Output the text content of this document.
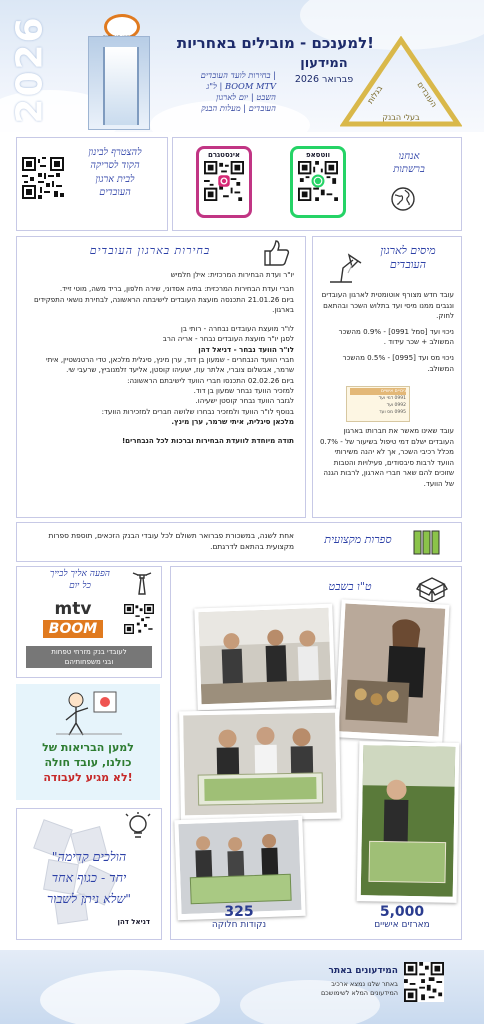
2026	למענכם - מובילים באחריות!
בחירות לועד העובדים |
ל"ג | BOOM MTV
השבט | יום לארגון
העובדים | מעלות הבנק
המידעון
פברואר 2026
העובדים
בגלות
בעלי הבנק
להצטרף לבינון
הקוד לסריקה
לבית ארגון
העובדים
אינסטגרם	ווטסאפ	אנחנו
ברשתות
בחירות בארגון העובדים
יו"ר ועדת הבחירות המרכזית: אילן חלמיש
חברי ועדת הבחירות המרכזית: בתיה אסדוני, שירה חלפון, בריד משה, מוטי זייד.
ביום 21.01.26 התכנסה מועצת העובדים לישיבתה הראשונה, לבחירת נושאי התפקידים בארגון.
לו"ר מועצת העובדים נבחרה - רותי בן
לסגן יו"ר מועצת העובדים נבחר - אריה הרב
לו"ר הוועד נבחר - דניאל דהן
חברי הוועד הנבחרים - שמעון בן דוד, ערן מינץ, סיגלית מלכאן, טדי הרטנשטיין, איתי שרמר, אבשלום צוברי, אלתר עוז, ישעיהו קוסטן, אליעד זלמנוביץ, שרעבי שי.
ביום 02.02.26 התכנסו חברי הוועד לישיבתם הראשונה:
למזכיר הוועד נבחר שמעון בן דוד.
לגזבר הוועד נבחר קוסטן ישעיהו.
בנוסף לו"ר הוועד ולמזכיר נבחרו שלושה חברים למזכירות הוועד:
מלכאן סיגלית, איתי שרמר, ערן מינץ.
תודה מיוחדת לוועדת הבחירות וברכות לכל הנבחרים!
מיסים לארגון
העובדים
עובד חדש מצורף אוטומטית לארגון העובדים ונגבים ממנו מיסי ועד בתלוש השכר ובהתאם לחוק.
ניכוי ועד [סמל 0991] - 0.9% מהשכר המשולב + שכר עידוד .
ניכוי מס ועד [0995] - 0.5% מהשכר המשולב.
ניכויים אישיים
0991 דמי ועד
0992 ועד
0995 מס ועד
עובד שאינו מאשר את חברותו בארגון העובדים ישלם דמי טיפול בשיעור של - 0.7% מכלל רכיבי השכר, אך לא יהנה משירותי הוועד לרבות סיבסודים, פעילויות והטבות שזוכים להם שאר חברי הארגון, לרבות הגנה של הוועד.
ספרות מקצועית
אחת לשנה, במשכורת פברואר תשולם לכל עובדי הבנק הזכאים, תוספת ספרות מקצועית בהתאם לדרגתם.
הפעה אליך לבייך
כל יום
mtv
BOOM
לעובדי בנק מזרחי טפחות
ובני משפחותיהם
למען הבריאות של
כולנו, עובד חולה
לא מגיע לעבודה!
"הולכים קדימה
יחד - כגוף אחד
שלא ניתן לשבור"
דניאל דהן
ט"ו בשבט
325
נקודות חלוקה
5,000
מארזים אישיים
המידעונים באתר
באתר שלנו נמצא ארכיב
המידעונים המלא לשימושכם
